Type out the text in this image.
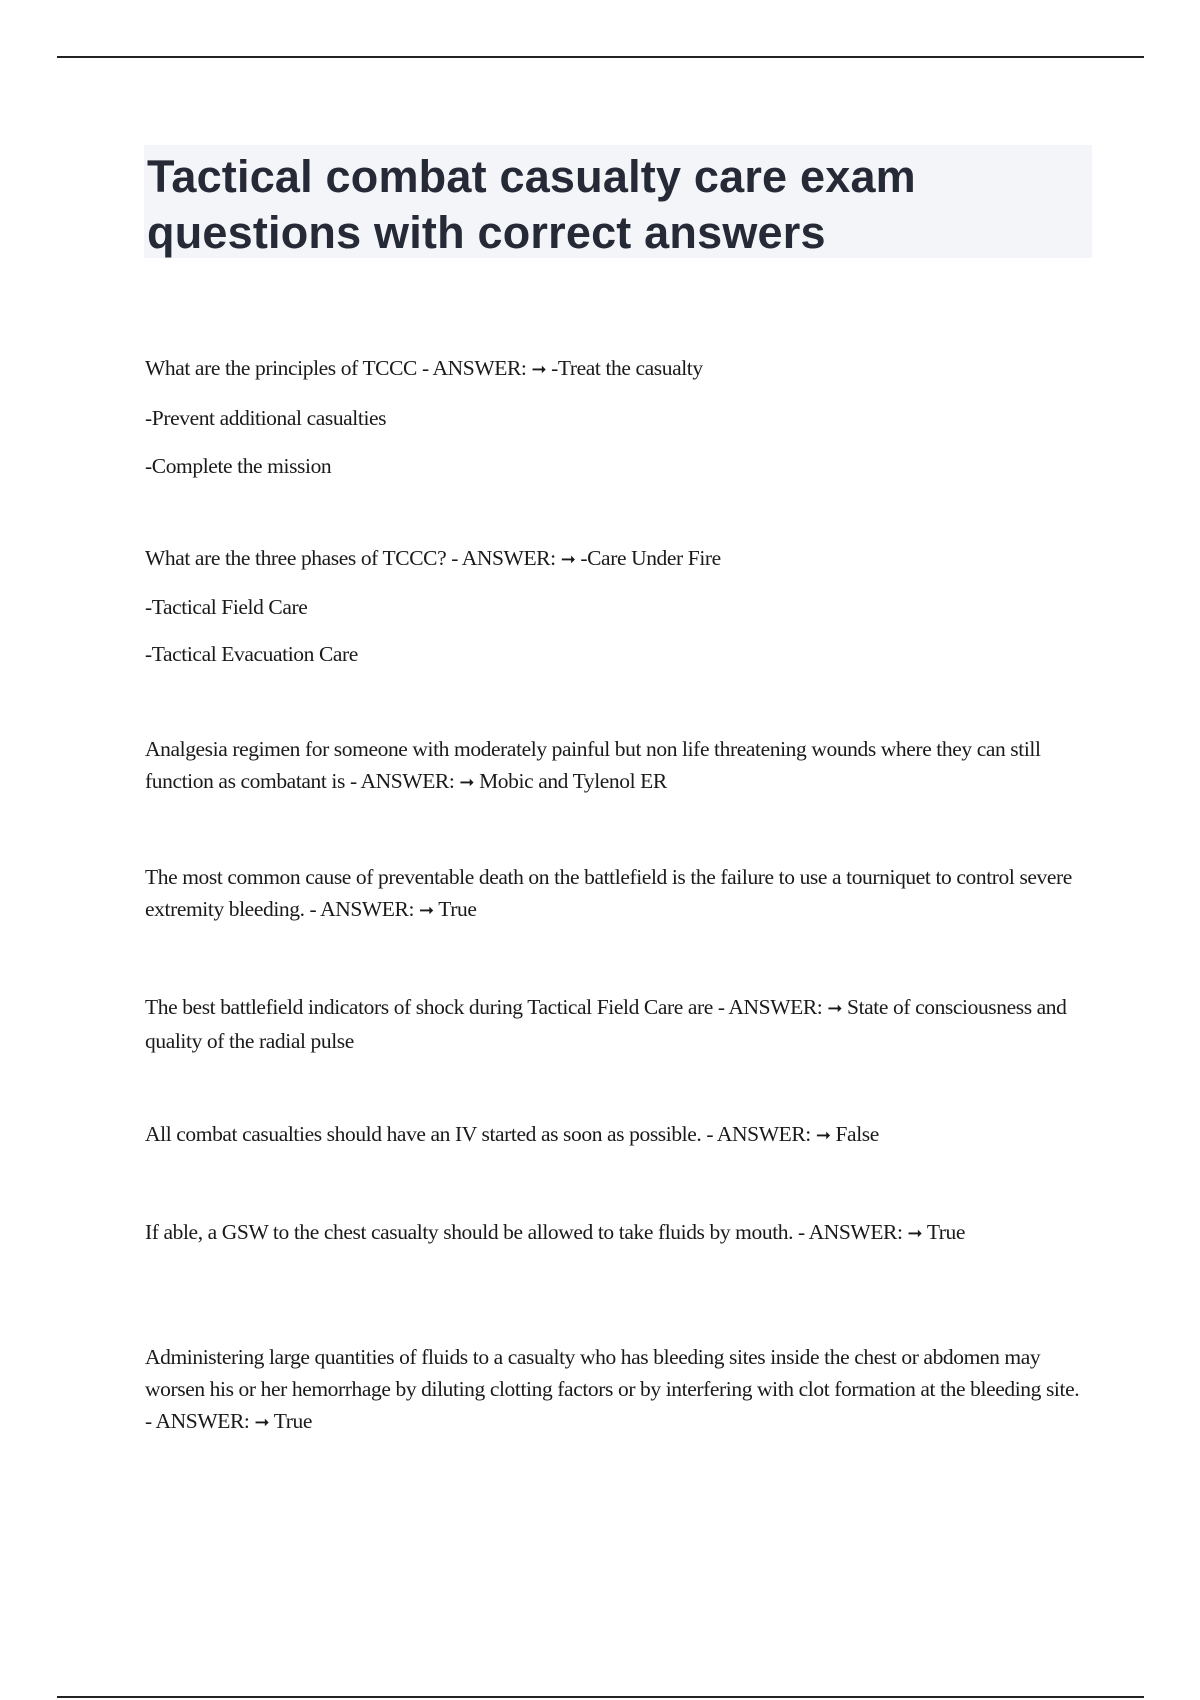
Tactical combat casualty care exam questions with correct answers
What are the principles of TCCC - ANSWER: ➞ -Treat the casualty
-Prevent additional casualties
-Complete the mission
What are the three phases of TCCC? - ANSWER: ➞ -Care Under Fire
-Tactical Field Care
-Tactical Evacuation Care
Analgesia regimen for someone with moderately painful but non life threatening wounds where they can still function as combatant is - ANSWER: ➞ Mobic and Tylenol ER
The most common cause of preventable death on the battlefield is the failure to use a tourniquet to control severe extremity bleeding. - ANSWER: ➞ True
The best battlefield indicators of shock during Tactical Field Care are - ANSWER: ➞ State of consciousness and quality of the radial pulse
All combat casualties should have an IV started as soon as possible. - ANSWER: ➞ False
If able, a GSW to the chest casualty should be allowed to take fluids by mouth. - ANSWER: ➞ True
Administering large quantities of fluids to a casualty who has bleeding sites inside the chest or abdomen may worsen his or her hemorrhage by diluting clotting factors or by interfering with clot formation at the bleeding site. - ANSWER: ➞ True
